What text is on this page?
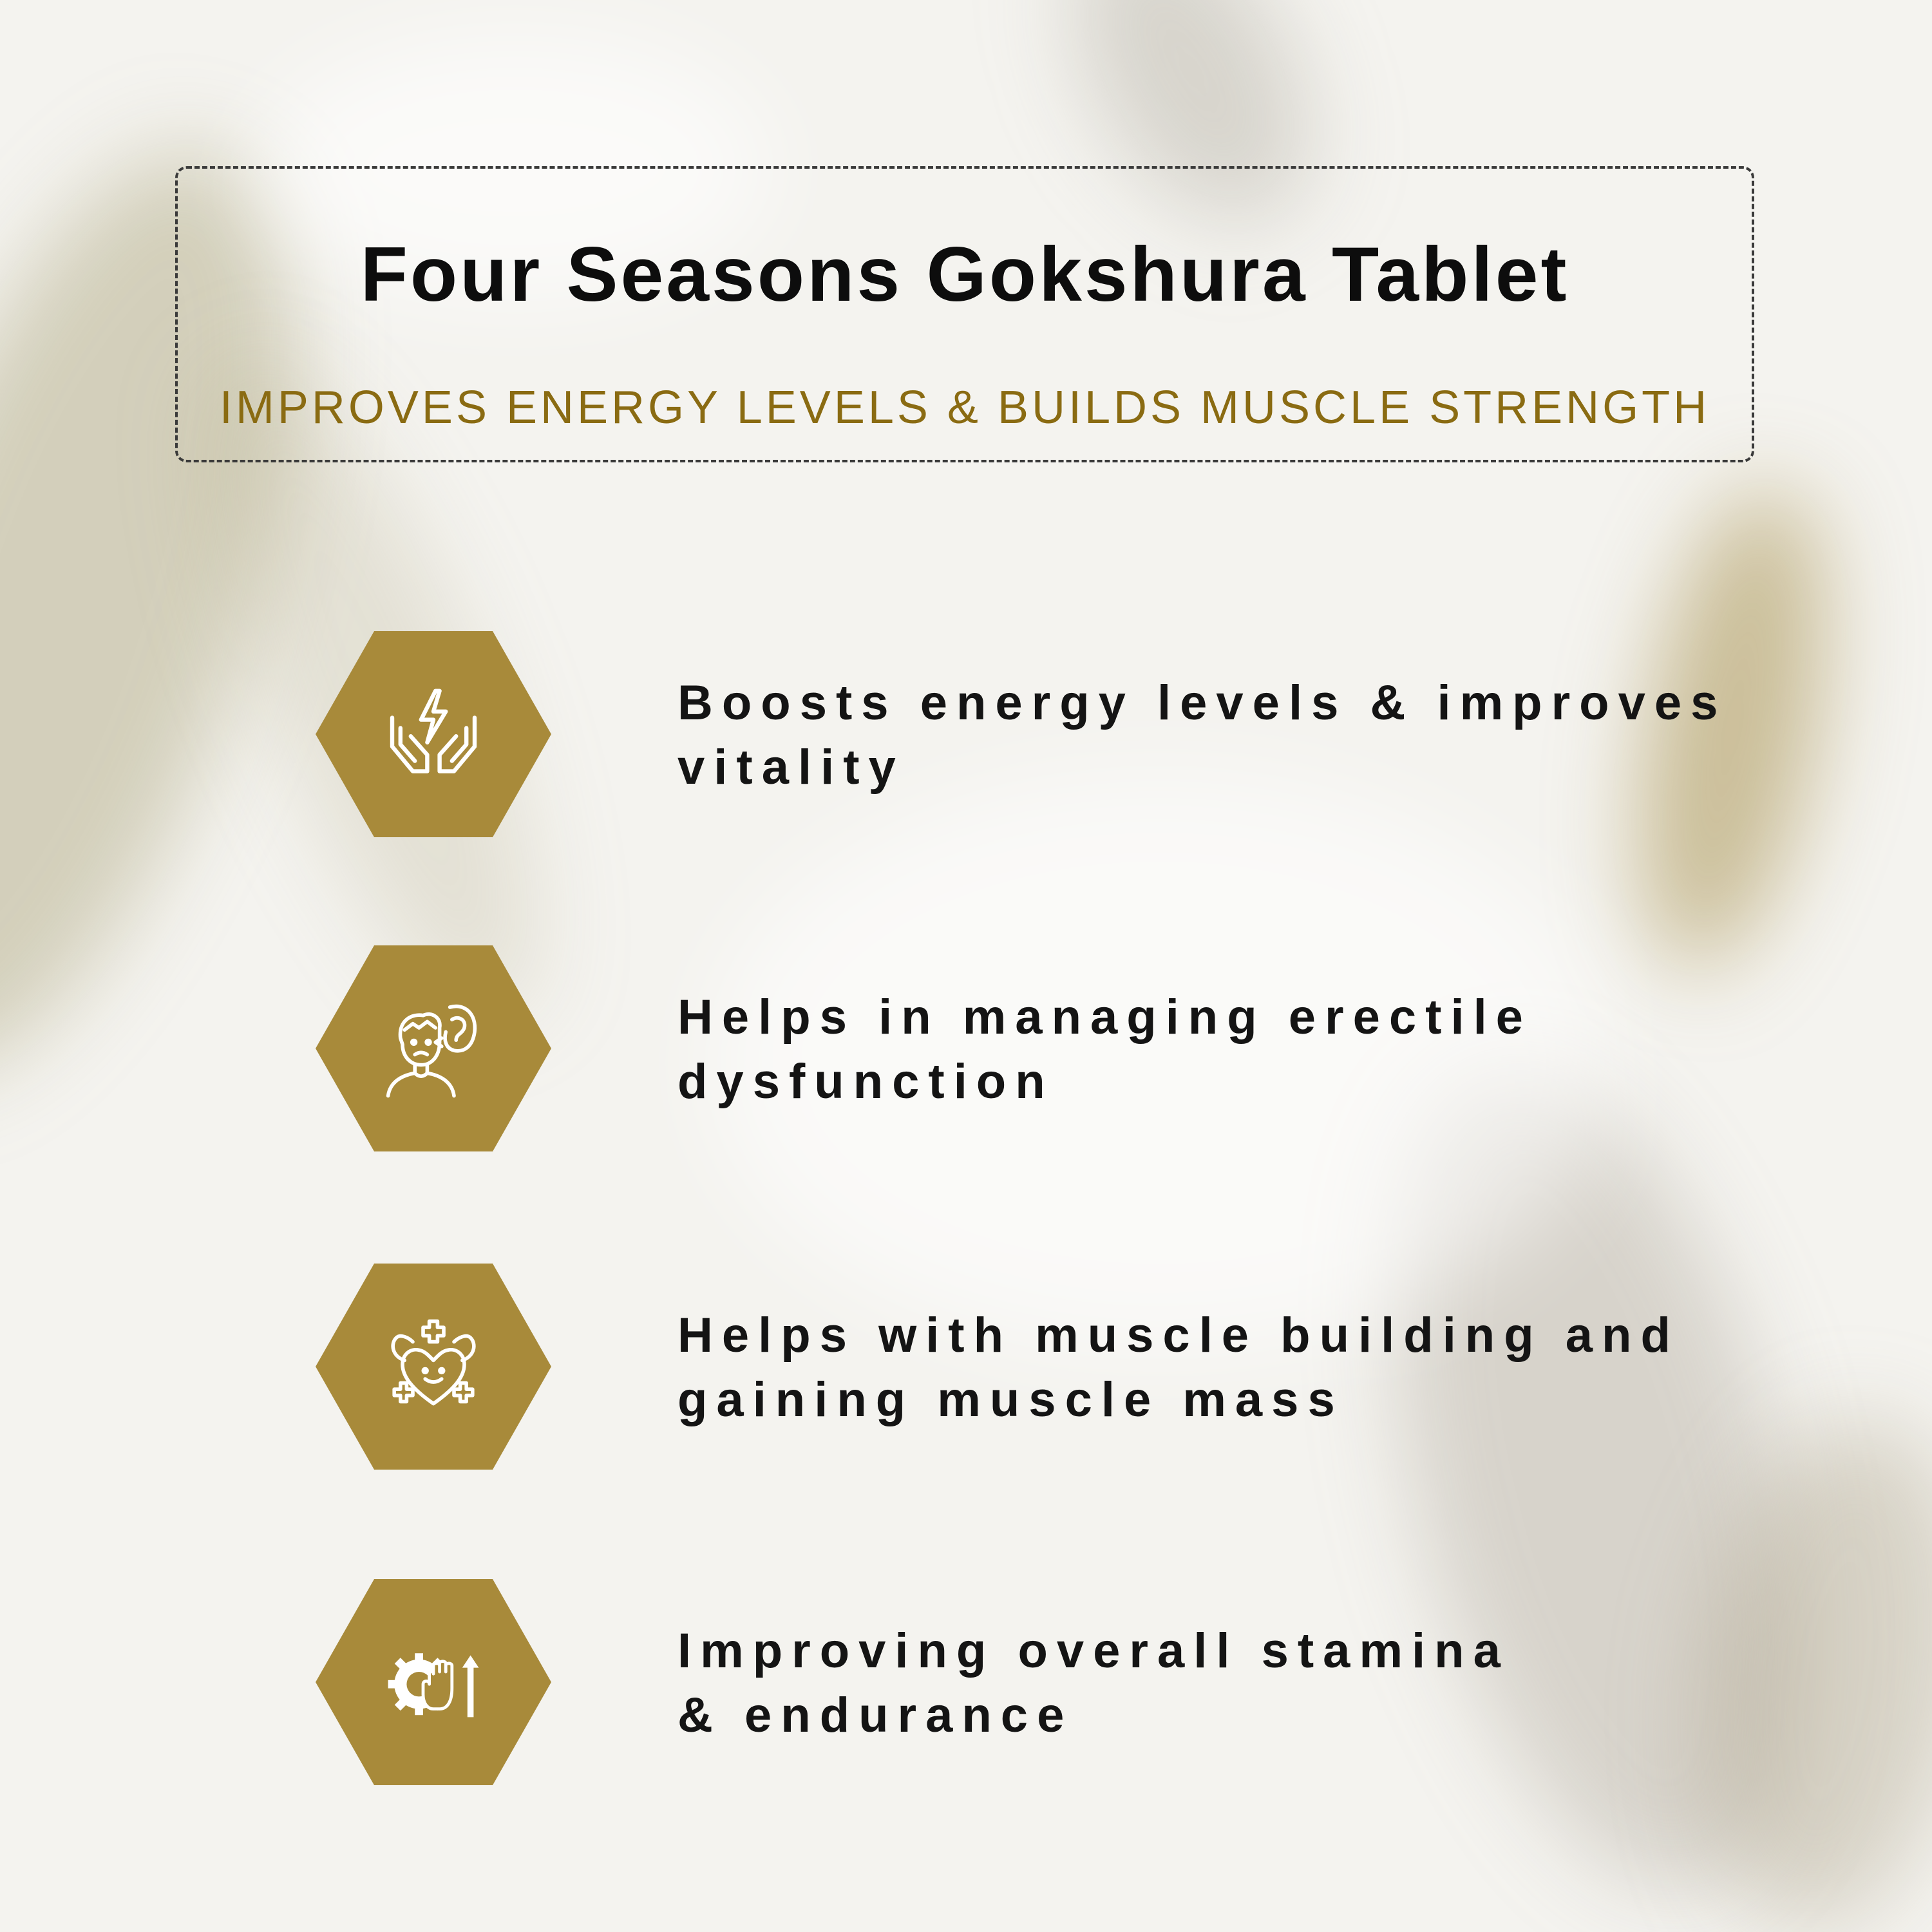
Four Seasons Gokshura Tablet

IMPROVES ENERGY LEVELS & BUILDS MUSCLE STRENGTH

Boosts energy levels & improves
vitality
Helps in managing erectile
dysfunction
Helps with muscle building and
gaining muscle mass
Improving overall stamina
& endurance
